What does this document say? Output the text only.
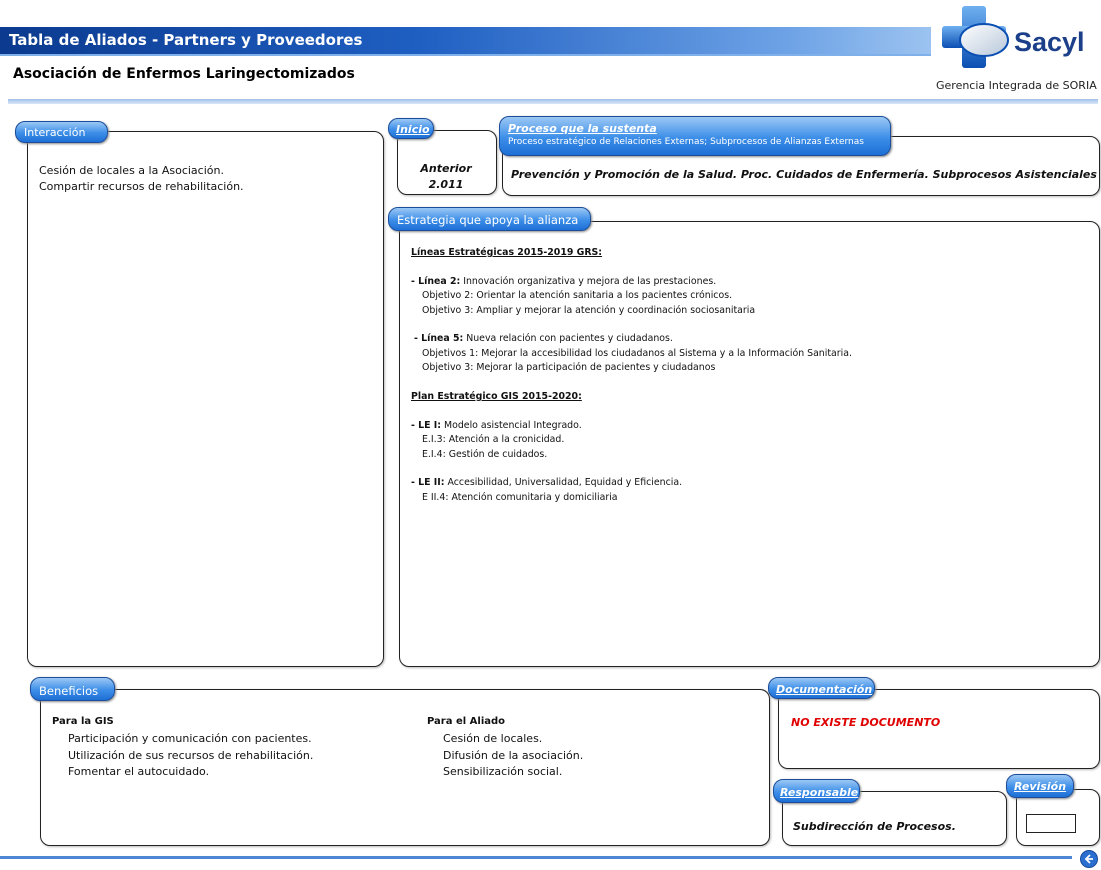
Tabla de Aliados - Partners y Proveedores
Asociación de Enfermos Laringectomizados
Sacyl
Gerencia Integrada de SORIA
Interacción
Cesión de locales a la Asociación.
Compartir recursos de rehabilitación.
Inicio
Anterior
2.011
Proceso que la sustenta
Proceso estratégico de Relaciones Externas; Subprocesos de Alianzas Externas
Prevención y Promoción de la Salud. Proc. Cuidados de Enfermería. Subprocesos Asistenciales
Estrategia que apoya la alianza
Líneas Estratégicas 2015-2019 GRS:
- Línea 2: Innovación organizativa y mejora de las prestaciones.
Objetivo 2: Orientar la atención sanitaria a los pacientes crónicos.
Objetivo 3: Ampliar y mejorar la atención y coordinación sociosanitaria
- Línea 5: Nueva relación con pacientes y ciudadanos.
Objetivos 1: Mejorar la accesibilidad los ciudadanos al Sistema y a la Información Sanitaria.
Objetivo 3: Mejorar la participación de pacientes y ciudadanos
Plan Estratégico GIS 2015-2020:
- LE I: Modelo asistencial Integrado.
E.I.3: Atención a la cronicidad.
E.I.4: Gestión de cuidados.
- LE II: Accesibilidad, Universalidad, Equidad y Eficiencia.
E II.4: Atención comunitaria y domiciliaria
Beneficios
Para la GIS
Participación y comunicación con pacientes.
Utilización de sus recursos de rehabilitación.
Fomentar el autocuidado.
Para el Aliado
Cesión de locales.
Difusión de la asociación.
Sensibilización social.
Documentación
NO EXISTE DOCUMENTO
Responsable
Subdirección de Procesos.
Revisión
